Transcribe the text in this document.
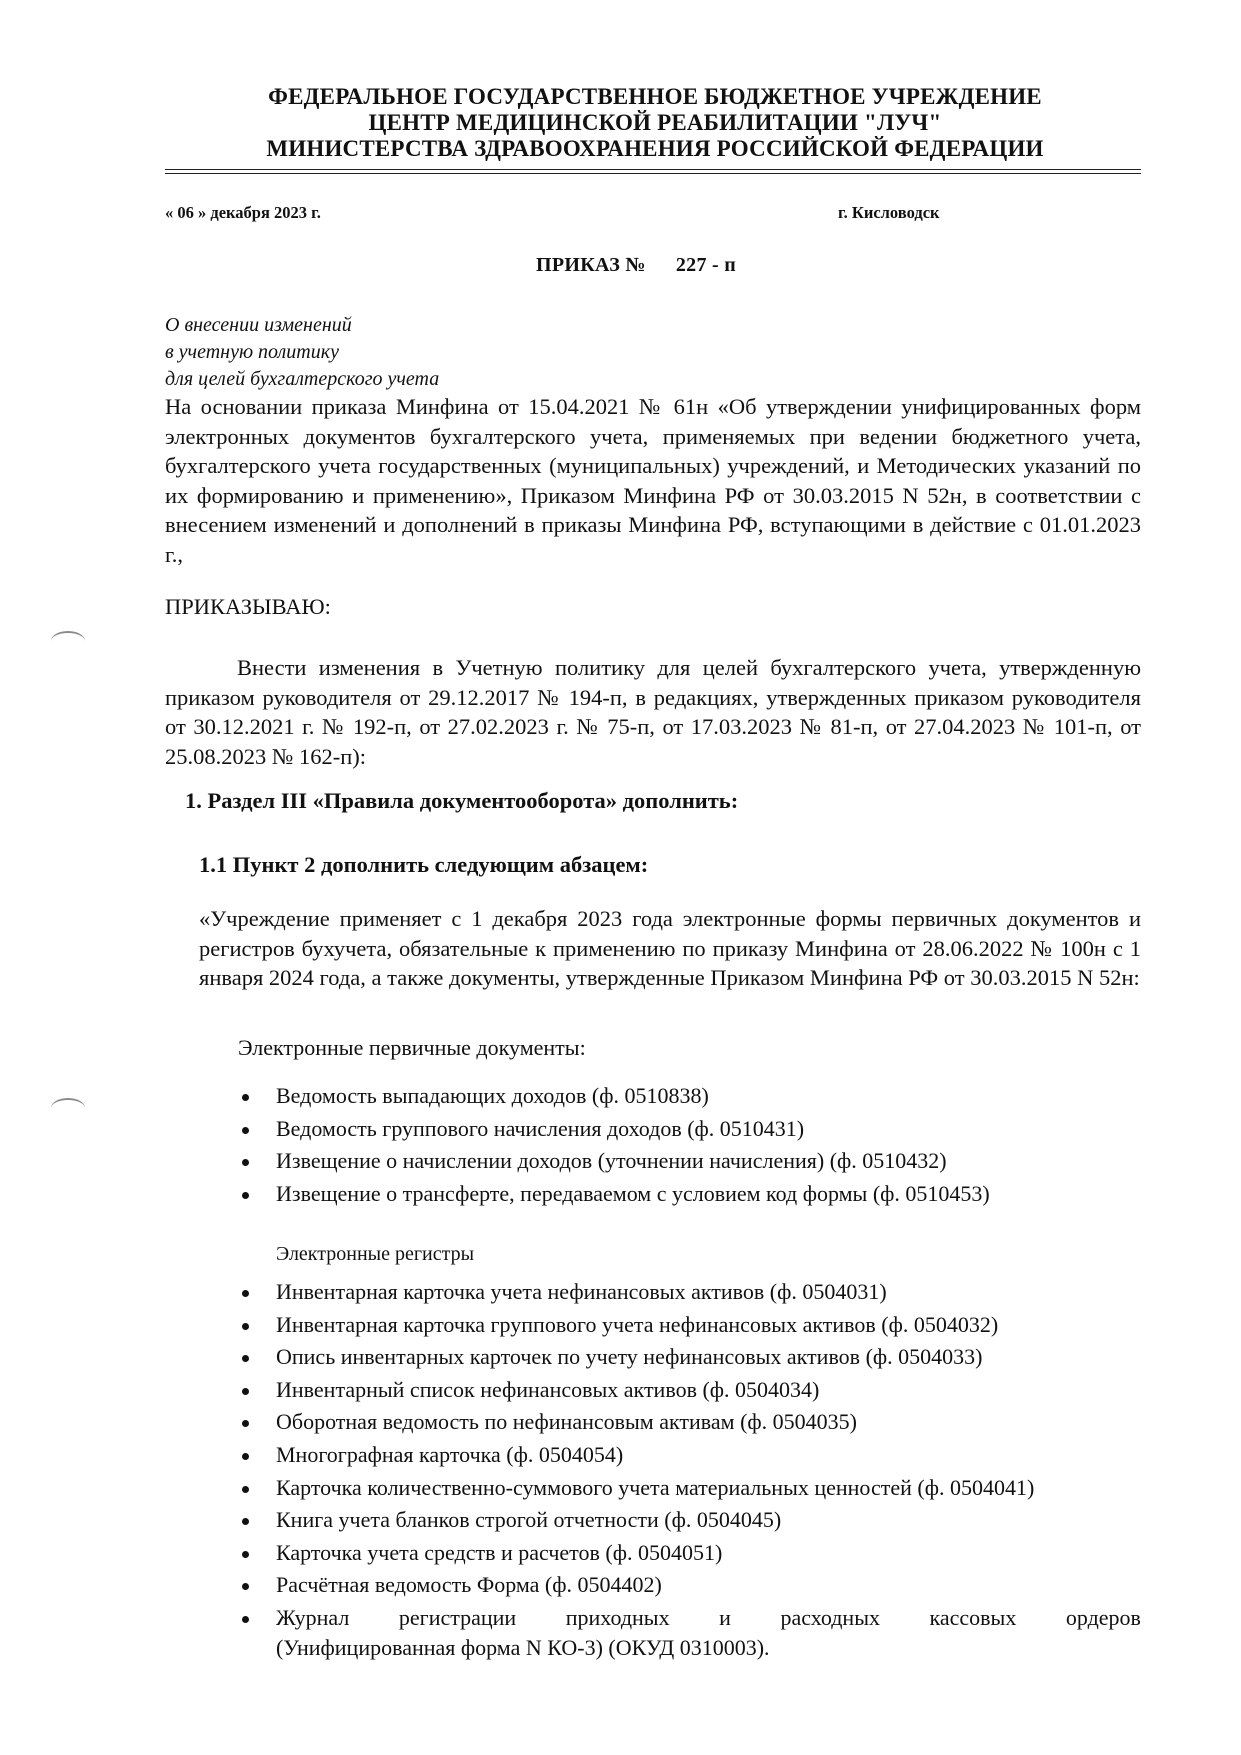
ФЕДЕРАЛЬНОЕ ГОСУДАРСТВЕННОЕ БЮДЖЕТНОЕ УЧРЕЖДЕНИЕ
ЦЕНТР МЕДИЦИНСКОЙ РЕАБИЛИТАЦИИ "ЛУЧ"
МИНИСТЕРСТВА ЗДРАВООХРАНЕНИЯ РОССИЙСКОЙ ФЕДЕРАЦИИ
« 06 » декабря 2023 г.	г. Кисловодск
ПРИКАЗ № 227 - п
О внесении изменений
в учетную политику
для целей бухгалтерского учета
На основании приказа Минфина от 15.04.2021 № 61н «Об утверждении унифицированных форм электронных документов бухгалтерского учета, применяемых при ведении бюджетного учета, бухгалтерского учета государственных (муниципальных) учреждений, и Методических указаний по их формированию и применению», Приказом Минфина РФ от 30.03.2015 N 52н, в соответствии с внесением изменений и дополнений в приказы Минфина РФ, вступающими в действие с 01.01.2023 г.,
ПРИКАЗЫВАЮ:
Внести изменения в Учетную политику для целей бухгалтерского учета, утвержденную приказом руководителя от 29.12.2017 № 194-п, в редакциях, утвержденных приказом руководителя от 30.12.2021 г. № 192-п, от 27.02.2023 г. № 75-п, от 17.03.2023 № 81-п, от 27.04.2023 № 101-п, от 25.08.2023 № 162-п):
1. Раздел III «Правила документооборота» дополнить:
1.1 Пункт 2 дополнить следующим абзацем:
«Учреждение применяет с 1 декабря 2023 года электронные формы первичных документов и регистров бухучета, обязательные к применению по приказу Минфина от 28.06.2022 № 100н с 1 января 2024 года, а также документы, утвержденные Приказом Минфина РФ от 30.03.2015 N 52н:
Электронные первичные документы:
Ведомость выпадающих доходов (ф. 0510838)
Ведомость группового начисления доходов (ф. 0510431)
Извещение о начислении доходов (уточнении начисления) (ф. 0510432)
Извещение о трансферте, передаваемом с условием код формы (ф. 0510453)
Электронные регистры
Инвентарная карточка учета нефинансовых активов (ф. 0504031)
Инвентарная карточка группового учета нефинансовых активов (ф. 0504032)
Опись инвентарных карточек по учету нефинансовых активов (ф. 0504033)
Инвентарный список нефинансовых активов (ф. 0504034)
Оборотная ведомость по нефинансовым активам (ф. 0504035)
Многографная карточка (ф. 0504054)
Карточка количественно-суммового учета материальных ценностей (ф. 0504041)
Книга учета бланков строгой отчетности (ф. 0504045)
Карточка учета средств и расчетов (ф. 0504051)
Расчётная ведомость Форма (ф. 0504402)
Журнал регистрации приходных и расходных кассовых ордеров
(Унифицированная форма N КО-3) (ОКУД 0310003).
